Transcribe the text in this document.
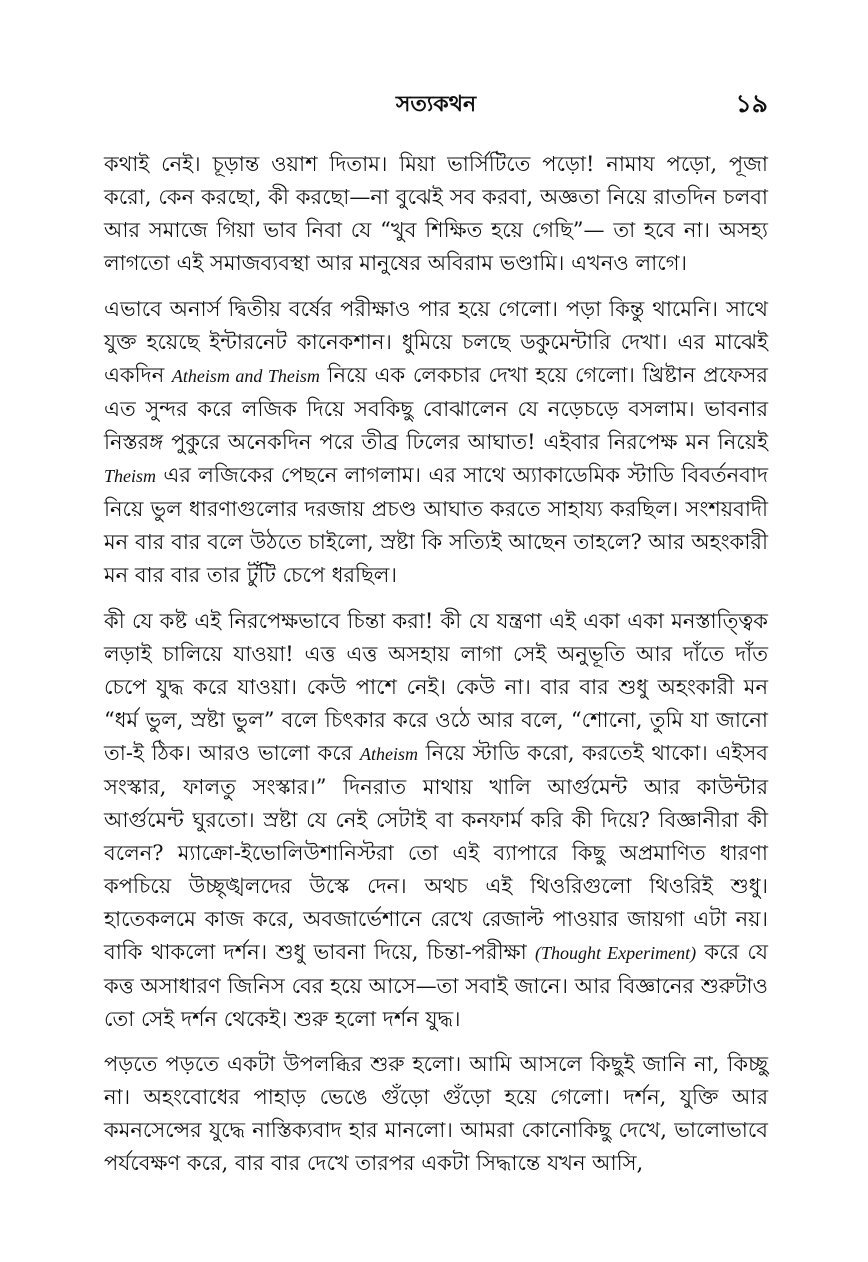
সত্যকথন	১৯

কথাই নেই। চূড়ান্ত ওয়াশ দিতাম। মিয়া ভার্সিটিতে পড়ো! নামায পড়ো, পূজা করো, কেন করছো, কী করছো—না বুঝেই সব করবা, অজ্ঞতা নিয়ে রাতদিন চলবা আর সমাজে গিয়া ভাব নিবা যে “খুব শিক্ষিত হয়ে গেছি”— তা হবে না। অসহ্য লাগতো এই সমাজব্যবস্থা আর মানুষের অবিরাম ভণ্ডামি। এখনও লাগে।

এভাবে অনার্স দ্বিতীয় বর্ষের পরীক্ষাও পার হয়ে গেলো। পড়া কিন্তু থামেনি। সাথে যুক্ত হয়েছে ইন্টারনেট কানেকশান। ধুমিয়ে চলছে ডকুমেন্টারি দেখা। এর মাঝেই একদিন Atheism and Theism নিয়ে এক লেকচার দেখা হয়ে গেলো। খ্রিষ্টান প্রফেসর এত সুন্দর করে লজিক দিয়ে সবকিছু বোঝালেন যে নড়েচড়ে বসলাম। ভাবনার নিস্তরঙ্গ পুকুরে অনেকদিন পরে তীব্র ঢিলের আঘাত! এইবার নিরপেক্ষ মন নিয়েই Theism এর লজিকের পেছনে লাগলাম। এর সাথে অ্যাকাডেমিক স্টাডি বিবর্তনবাদ নিয়ে ভুল ধারণাগুলোর দরজায় প্রচণ্ড আঘাত করতে সাহায্য করছিল। সংশয়বাদী মন বার বার বলে উঠতে চাইলো, স্রষ্টা কি সত্যিই আছেন তাহলে? আর অহংকারী মন বার বার তার টুঁটি চেপে ধরছিল।

কী যে কষ্ট এই নিরপেক্ষভাবে চিন্তা করা! কী যে যন্ত্রণা এই একা একা মনস্তাত্ত্বিক লড়াই চালিয়ে যাওয়া! এত্ত এত্ত অসহায় লাগা সেই অনুভূতি আর দাঁতে দাঁত চেপে যুদ্ধ করে যাওয়া। কেউ পাশে নেই। কেউ না। বার বার শুধু অহংকারী মন “ধর্ম ভুল, স্রষ্টা ভুল” বলে চিৎকার করে ওঠে আর বলে, “শোনো, তুমি যা জানো তা-ই ঠিক। আরও ভালো করে Atheism নিয়ে স্টাডি করো, করতেই থাকো। এইসব সংস্কার, ফালতু সংস্কার।” দিনরাত মাথায় খালি আর্গুমেন্ট আর কাউন্টার আর্গুমেন্ট ঘুরতো। স্রষ্টা যে নেই সেটাই বা কনফার্ম করি কী দিয়ে? বিজ্ঞানীরা কী বলেন? ম্যাক্রো-ইভোলিউশানিস্টরা তো এই ব্যাপারে কিছু অপ্রমাণিত ধারণা কপচিয়ে উচ্ছৃঙ্খলদের উস্কে দেন। অথচ এই থিওরিগুলো থিওরিই শুধু। হাতেকলমে কাজ করে, অবজার্ভেশানে রেখে রেজাল্ট পাওয়ার জায়গা এটা নয়। বাকি থাকলো দর্শন। শুধু ভাবনা দিয়ে, চিন্তা-পরীক্ষা (Thought Experiment) করে যে কত্ত অসাধারণ জিনিস বের হয়ে আসে—তা সবাই জানে। আর বিজ্ঞানের শুরুটাও তো সেই দর্শন থেকেই। শুরু হলো দর্শন যুদ্ধ।

পড়তে পড়তে একটা উপলব্ধির শুরু হলো। আমি আসলে কিছুই জানি না, কিচ্ছু না। অহংবোধের পাহাড় ভেঙে গুঁড়ো গুঁড়ো হয়ে গেলো। দর্শন, যুক্তি আর কমনসেন্সের যুদ্ধে নাস্তিক্যবাদ হার মানলো। আমরা কোনোকিছু দেখে, ভালোভাবে পর্যবেক্ষণ করে, বার বার দেখে তারপর একটা সিদ্ধান্তে যখন আসি,
